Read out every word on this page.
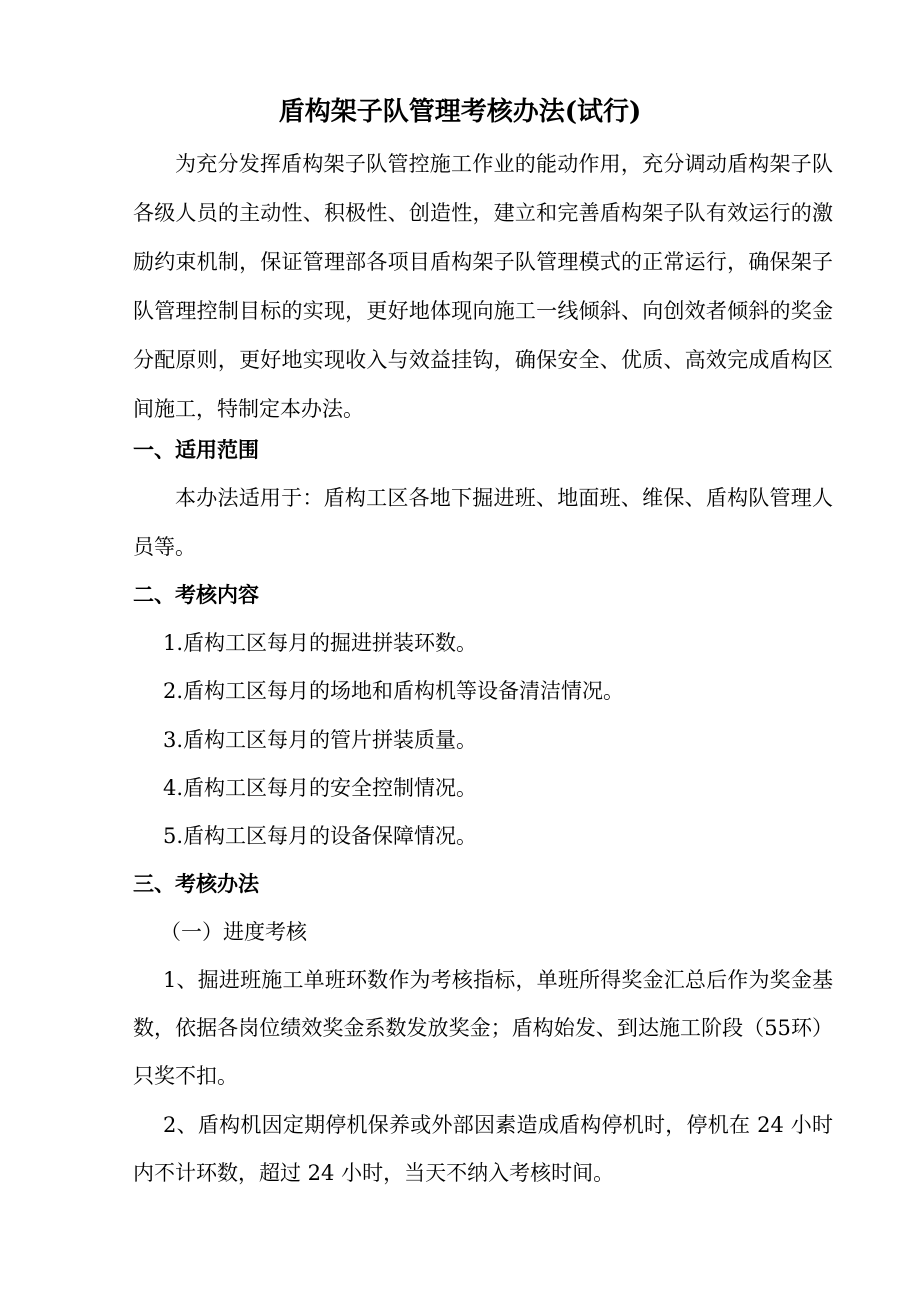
盾构架子队管理考核办法(试行)

为充分发挥盾构架子队管控施工作业的能动作用，充分调动盾构架子队各级人员的主动性、积极性、创造性，建立和完善盾构架子队有效运行的激励约束机制，保证管理部各项目盾构架子队管理模式的正常运行，确保架子队管理控制目标的实现，更好地体现向施工一线倾斜、向创效者倾斜的奖金分配原则，更好地实现收入与效益挂钩，确保安全、优质、高效完成盾构区间施工，特制定本办法。

一、适用范围

本办法适用于：盾构工区各地下掘进班、地面班、维保、盾构队管理人员等。

二、考核内容
1.盾构工区每月的掘进拼装环数。
2.盾构工区每月的场地和盾构机等设备清洁情况。
3.盾构工区每月的管片拼装质量。
4.盾构工区每月的安全控制情况。
5.盾构工区每月的设备保障情况。
三、考核办法
（一）进度考核

1、掘进班施工单班环数作为考核指标，单班所得奖金汇总后作为奖金基数，依据各岗位绩效奖金系数发放奖金；盾构始发、到达施工阶段（55环）只奖不扣。

2、盾构机因定期停机保养或外部因素造成盾构停机时，停机在 24 小时内不计环数，超过 24 小时，当天不纳入考核时间。
